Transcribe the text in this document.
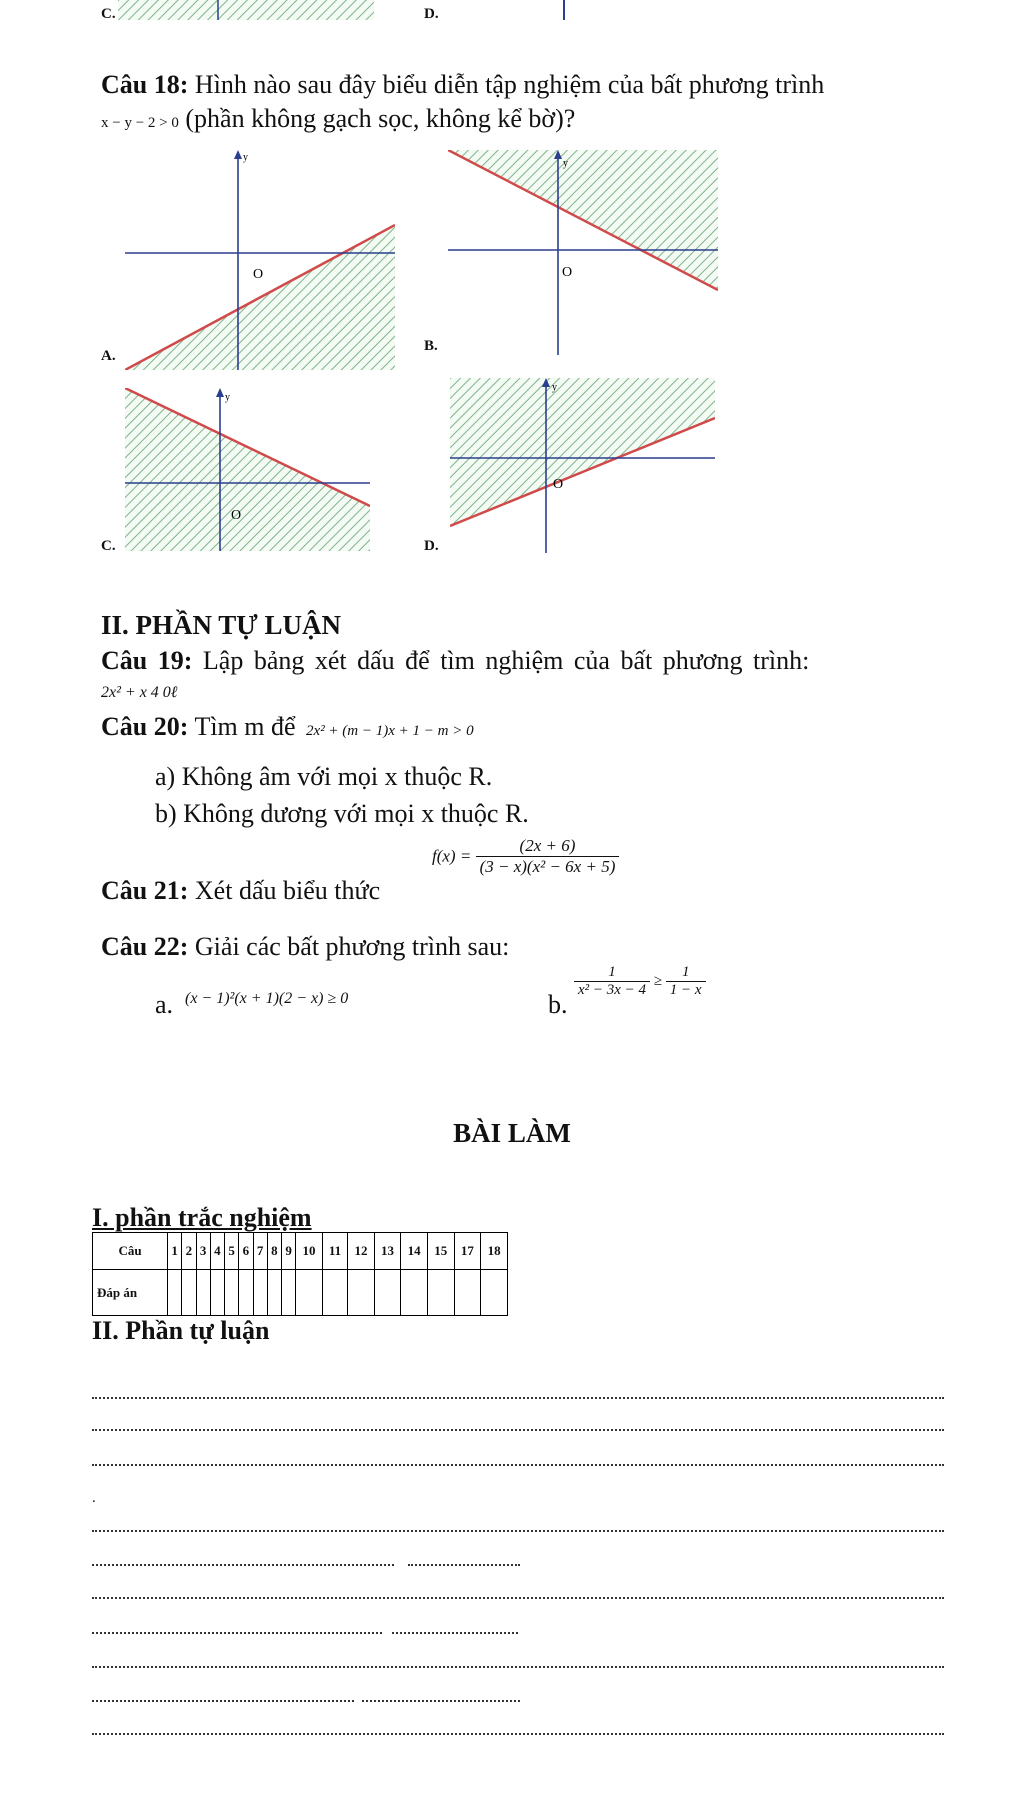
C.	D.
Câu 18: Hình nào sau đây biểu diễn tập nghiệm của bất phương trình
x − y − 2 > 0 (phần không gạch sọc, không kể bờ)?
O
y
A.
O
y
B.
O
y
C.
O
y
D.
II. PHẦN TỰ LUẬN
Câu 19: Lập bảng xét dấu để tìm nghiệm của bất phương trình:
2x² + x 4 0ℓ
Câu 20: Tìm m để 2x² + (m − 1)x + 1 − m > 0
a) Không âm với mọi x thuộc R.
b) Không dương với mọi x thuộc R.
Câu 21: Xét dấu biểu thức
$f(x) = \frac{(2x + 6)}{\text{(3 − x)(x² − 6x + 5)}}$
Câu 22: Giải các bất phương trình sau:
a. (x − 1)²(x + 1)(2 − x) ≥ 0	b.
$\frac{1}{\text{x² − 3x − 4}} \ge \frac{1}{1 - x}$
BÀI LÀM
I. phần trắc nghiệm
Câu	1	2	3	4	5	6	7	8	9	10	11	12	13	14	15	17	18
Đáp án																	
II. Phần tự luận
.
